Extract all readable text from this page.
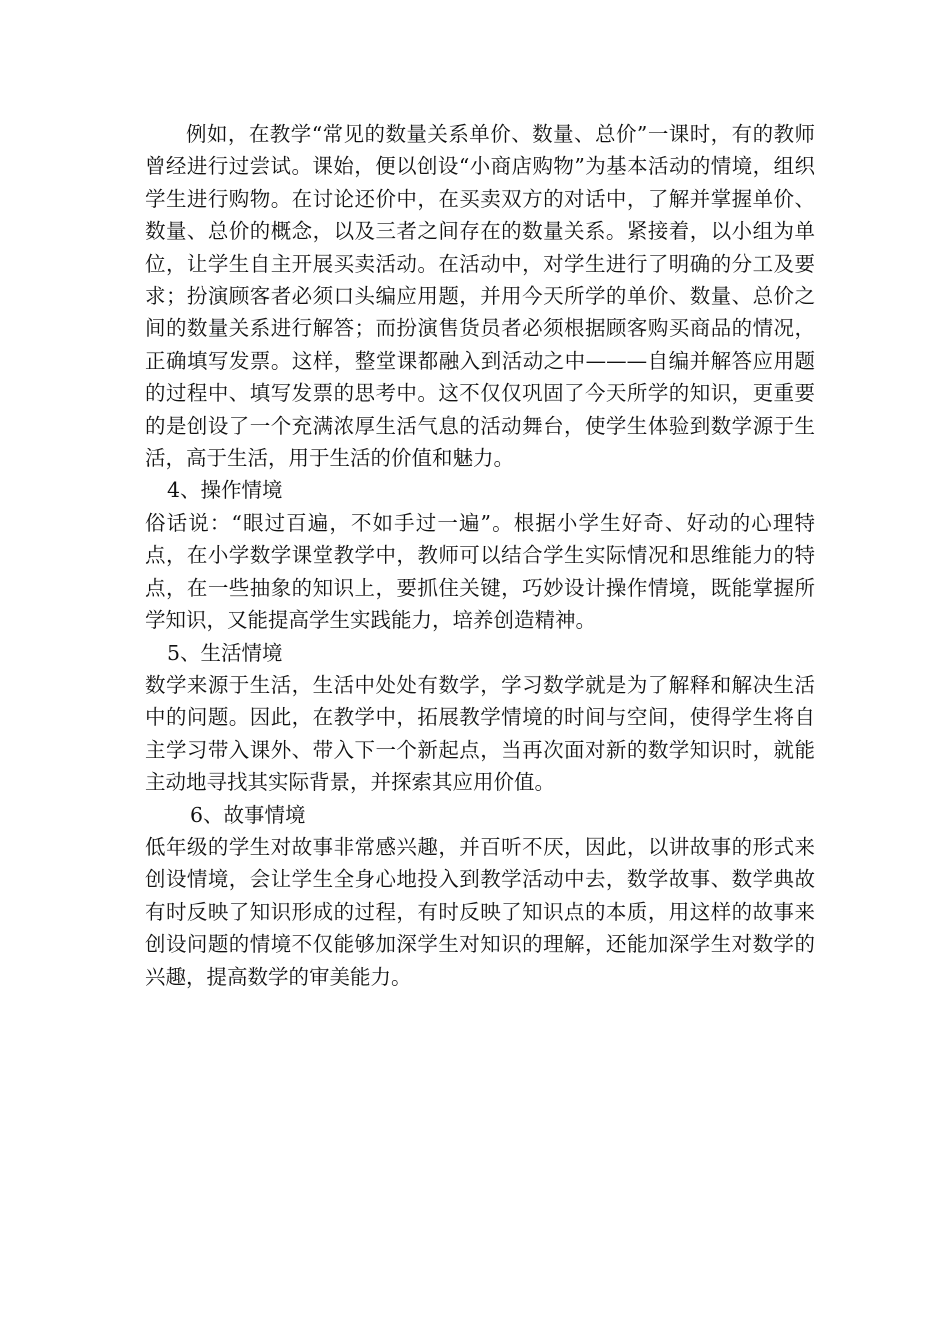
例如，在教学“常见的数量关系单价、数量、总价”一课时，有的教师曾经进行过尝试。课始，便以创设“小商店购物”为基本活动的情境，组织学生进行购物。在讨论还价中，在买卖双方的对话中，了解并掌握单价、数量、总价的概念，以及三者之间存在的数量关系。紧接着，以小组为单位，让学生自主开展买卖活动。在活动中，对学生进行了明确的分工及要求；扮演顾客者必须口头编应用题，并用今天所学的单价、数量、总价之间的数量关系进行解答；而扮演售货员者必须根据顾客购买商品的情况，正确填写发票。这样，整堂课都融入到活动之中———自编并解答应用题的过程中、填写发票的思考中。这不仅仅巩固了今天所学的知识，更重要的是创设了一个充满浓厚生活气息的活动舞台，使学生体验到数学源于生活，高于生活，用于生活的价值和魅力。

4、操作情境

俗话说：“眼过百遍，不如手过一遍”。根据小学生好奇、好动的心理特点，在小学数学课堂教学中，教师可以结合学生实际情况和思维能力的特点，在一些抽象的知识上，要抓住关键，巧妙设计操作情境，既能掌握所学知识，又能提高学生实践能力，培养创造精神。

5、生活情境

数学来源于生活，生活中处处有数学，学习数学就是为了解释和解决生活中的问题。因此，在教学中，拓展教学情境的时间与空间，使得学生将自主学习带入课外、带入下一个新起点，当再次面对新的数学知识时，就能主动地寻找其实际背景，并探索其应用价值。

6、故事情境

低年级的学生对故事非常感兴趣，并百听不厌，因此，以讲故事的形式来创设情境，会让学生全身心地投入到教学活动中去，数学故事、数学典故有时反映了知识形成的过程，有时反映了知识点的本质，用这样的故事来创设问题的情境不仅能够加深学生对知识的理解，还能加深学生对数学的兴趣，提高数学的审美能力。
